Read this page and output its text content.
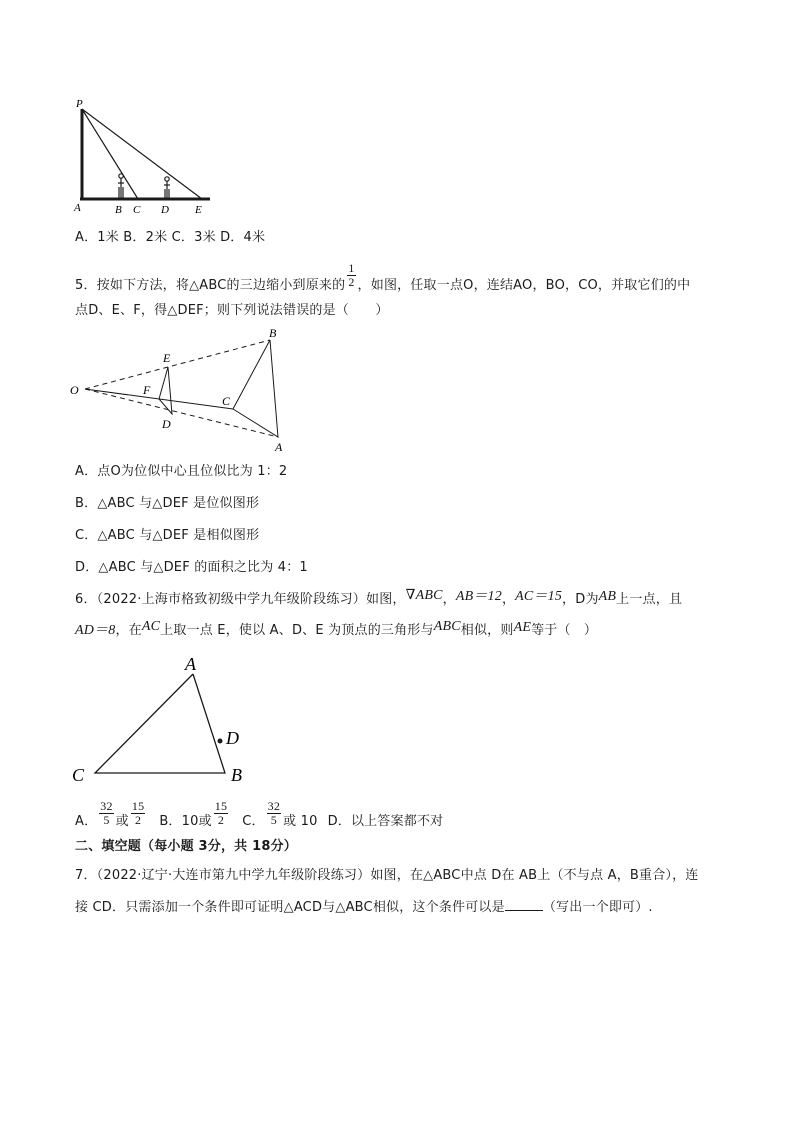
P
A	B C D E
A．1米 B．2米 C．3米 D．4米
5．按如下方法，将△ABC的三边缩小到原来的 $\frac{1}{2}$ ，如图，任取一点O，连结AO，BO，CO，并取它们的中
点D、E、F，得△DEF；则下列说法错误的是（　　）
O
E
F
D
C
B
A
A．点O为位似中心且位似比为 1：2
B．△ABC 与△DEF 是位似图形
C．△ABC 与△DEF 是相似图形
D．△ABC 与△DEF 的面积之比为 4：1
6．（2022·上海市格致初级中学九年级阶段练习）如图，∇ABC，AB＝12，AC＝15，D为AB上一点，且
AD＝8，在AC上取一点 E，使以 A、D、E 为顶点的三角形与ABC相似，则AE等于（　）
A
D
C	B
A． $\frac{32}{5}$ 或 $\frac{15}{2}$ B．10或 $\frac{15}{2}$ C． $\frac{32}{5}$ 或 10 D．以上答案都不对
二、填空题（每小题 3分，共 18分）
7．（2022·辽宁·大连市第九中学九年级阶段练习）如图，在△ABC中点 D在 AB上（不与点 A，B重合），连
接 CD．只需添加一个条件即可证明△ACD与△ABC相似，这个条件可以是	（写出一个即可）.
